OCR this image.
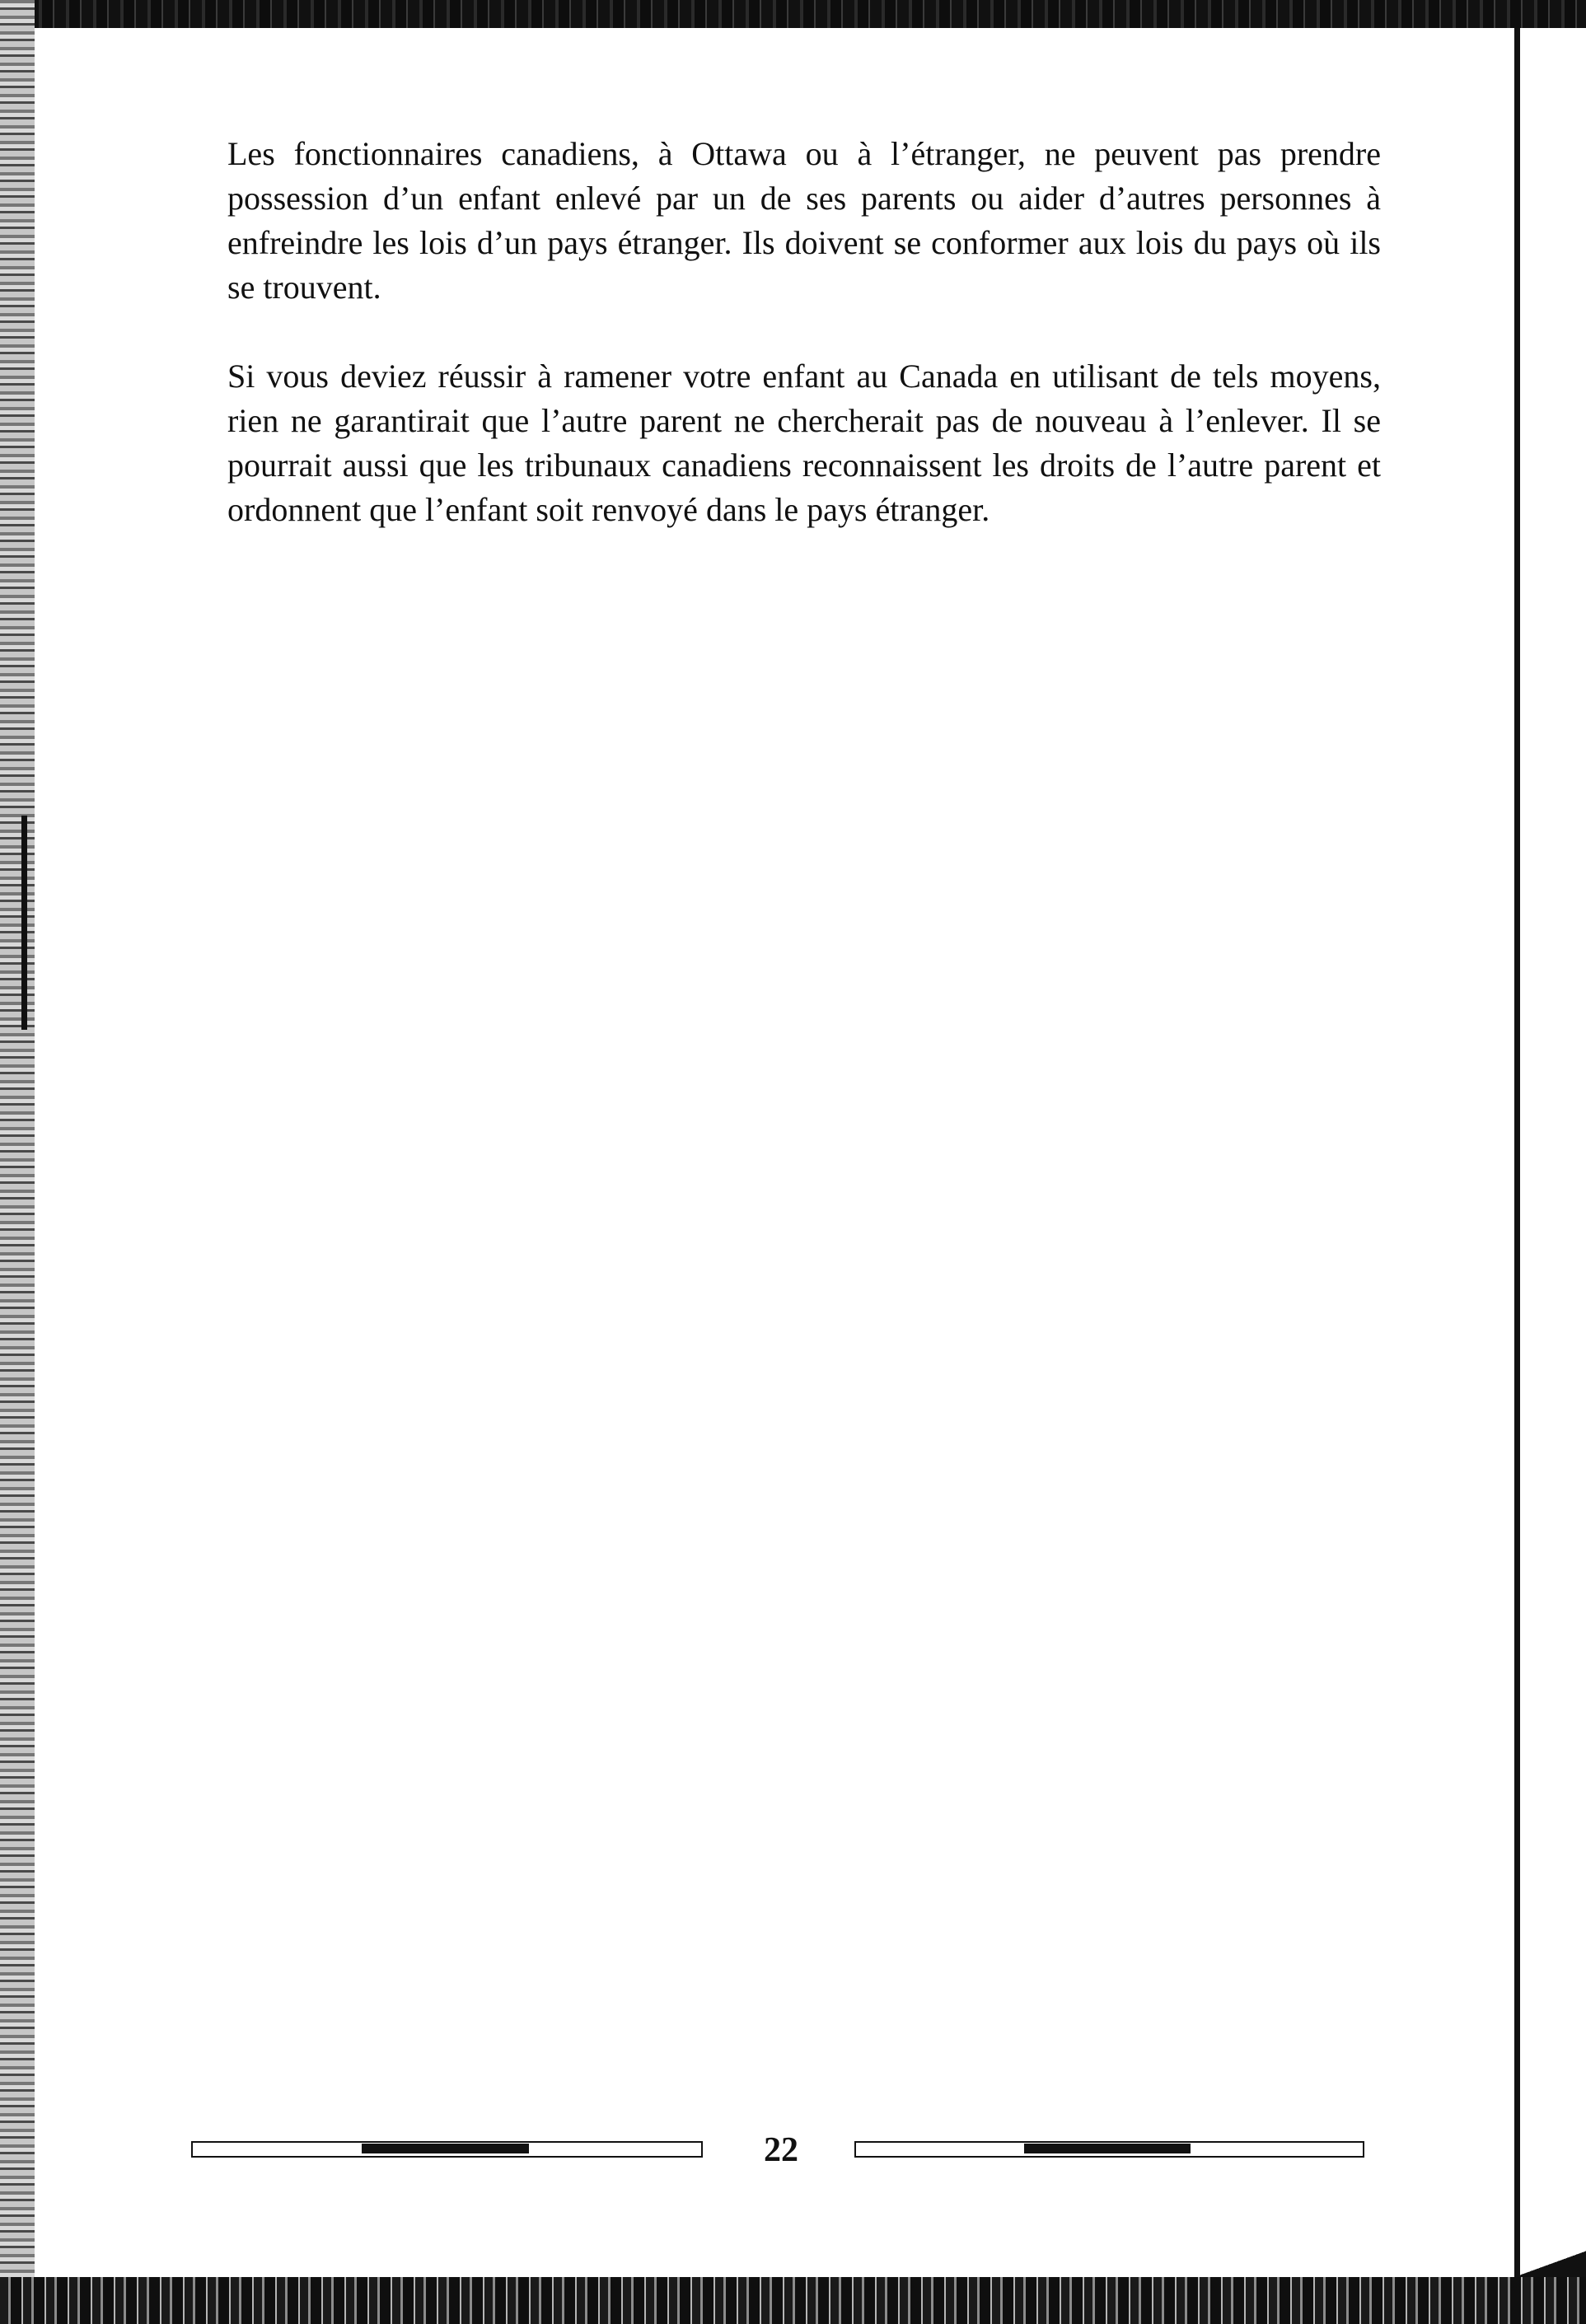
Les fonctionnaires canadiens, à Ottawa ou à l’étranger, ne peuvent pas prendre possession d’un enfant enlevé par un de ses parents ou aider d’autres personnes à enfreindre les lois d’un pays étranger. Ils doivent se conformer aux lois du pays où ils se trouvent.

Si vous deviez réussir à ramener votre enfant au Canada en utilisant de tels moyens, rien ne garantirait que l’autre parent ne chercherait pas de nouveau à l’enlever. Il se pourrait aussi que les tribunaux canadiens reconnaissent les droits de l’autre parent et ordonnent que l’enfant soit renvoyé dans le pays étranger.

22
